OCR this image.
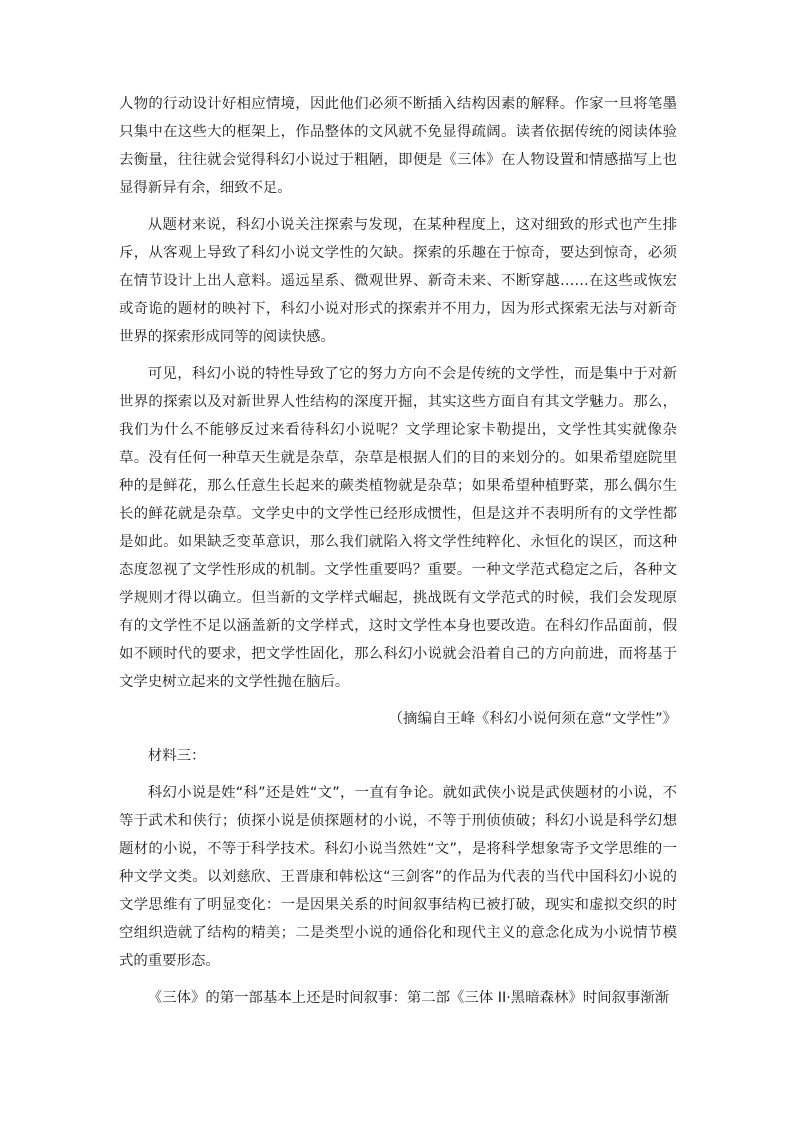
人物的行动设计好相应情境，因此他们必须不断插入结构因素的解释。作家一旦将笔墨只集中在这些大的框架上，作品整体的文风就不免显得疏阔。读者依据传统的阅读体验去衡量，往往就会觉得科幻小说过于粗陋，即便是《三体》在人物设置和情感描写上也显得新异有余，细致不足。

从题材来说，科幻小说关注探索与发现，在某种程度上，这对细致的形式也产生排斥，从客观上导致了科幻小说文学性的欠缺。探索的乐趣在于惊奇，要达到惊奇，必须在情节设计上出人意料。遥远星系、微观世界、新奇未来、不断穿越……在这些或恢宏或奇诡的题材的映衬下，科幻小说对形式的探索并不用力，因为形式探索无法与对新奇世界的探索形成同等的阅读快感。

可见，科幻小说的特性导致了它的努力方向不会是传统的文学性，而是集中于对新世界的探索以及对新世界人性结构的深度开掘，其实这些方面自有其文学魅力。那么，我们为什么不能够反过来看待科幻小说呢？文学理论家卡勒提出，文学性其实就像杂草。没有任何一种草天生就是杂草，杂草是根据人们的目的来划分的。如果希望庭院里种的是鲜花，那么任意生长起来的蕨类植物就是杂草；如果希望种植野菜，那么偶尔生长的鲜花就是杂草。文学史中的文学性已经形成惯性，但是这并不表明所有的文学性都是如此。如果缺乏变革意识，那么我们就陷入将文学性纯粹化、永恒化的误区，而这种态度忽视了文学性形成的机制。文学性重要吗？重要。一种文学范式稳定之后，各种文学规则才得以确立。但当新的文学样式崛起，挑战既有文学范式的时候，我们会发现原有的文学性不足以涵盖新的文学样式，这时文学性本身也要改造。在科幻作品面前，假如不顾时代的要求，把文学性固化，那么科幻小说就会沿着自己的方向前进，而将基于文学史树立起来的文学性抛在脑后。

（摘编自王峰《科幻小说何须在意“文学性”》

材料三：

科幻小说是姓“科”还是姓“文”，一直有争论。就如武侠小说是武侠题材的小说，不等于武术和侠行；侦探小说是侦探题材的小说，不等于刑侦侦破；科幻小说是科学幻想题材的小说，不等于科学技术。科幻小说当然姓“文”，是将科学想象寄予文学思维的一种文学文类。以刘慈欣、王晋康和韩松这“三剑客”的作品为代表的当代中国科幻小说的文学思维有了明显变化：一是因果关系的时间叙事结构已被打破，现实和虚拟交织的时空组织造就了结构的精美；二是类型小说的通俗化和现代主义的意念化成为小说情节模式的重要形态。

《三体》的第一部基本上还是时间叙事：第二部《三体 II·黑暗森林》时间叙事渐渐
